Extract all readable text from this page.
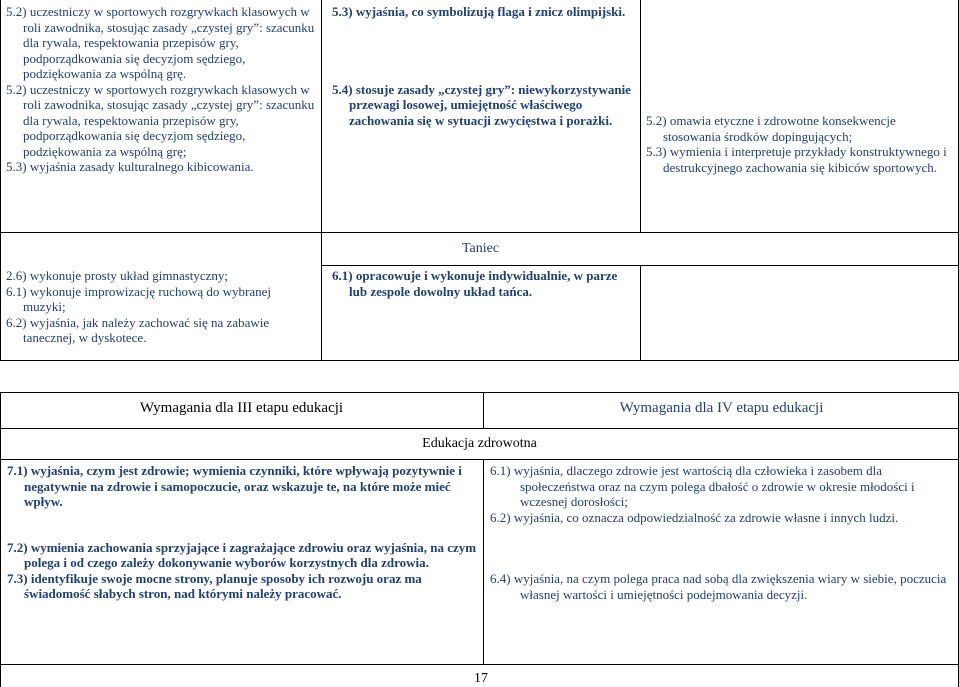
5.2) uczestniczy w sportowych rozgrywkach klasowych w roli zawodnika, stosując zasady „czystej gry”: szacunku dla rywala, respektowania przepisów gry, podporządkowania się decyzjom sędziego, podziękowania za wspólną grę.

5.2) uczestniczy w sportowych rozgrywkach klasowych w roli zawodnika, stosując zasady „czystej gry”: szacunku dla rywala, respektowania przepisów gry, podporządkowania się decyzjom sędziego, podziękowania za wspólną grę;

5.3) wyjaśnia zasady kulturalnego kibicowania.

5.3) wyjaśnia, co symbolizują flaga i znicz olimpijski.

5.4) stosuje zasady „czystej gry”: niewykorzystywanie przewagi losowej, umiejętność właściwego zachowania się w sytuacji zwycięstwa i porażki.	5.2) omawia etyczne i zdrowotne konsekwencje stosowania środków dopingujących;

5.3) wymienia i interpretuje przykłady konstruktywnego i destrukcyjnego zachowania się kibiców sportowych.

Taniec

2.6) wykonuje prosty układ gimnastyczny;

6.1) wykonuje improwizację ruchową do wybranej muzyki;

6.2) wyjaśnia, jak należy zachować się na zabawie tanecznej, w dyskotece.

6.1) opracowuje i wykonuje indywidualnie, w parze lub zespole dowolny układ tańca.

Wymagania dla III etapu edukacji	Wymagania dla IV etapu edukacji
Edukacja zdrowotna

7.1) wyjaśnia, czym jest zdrowie; wymienia czynniki, które wpływają pozytywnie i negatywnie na zdrowie i samopoczucie, oraz wskazuje te, na które może mieć wpływ.

7.2) wymienia zachowania sprzyjające i zagrażające zdrowiu oraz wyjaśnia, na czym polega i od czego zależy dokonywanie wyborów korzystnych dla zdrowia.

7.3) identyfikuje swoje mocne strony, planuje sposoby ich rozwoju oraz ma świadomość słabych stron, nad którymi należy pracować.

6.1) wyjaśnia, dlaczego zdrowie jest wartością dla człowieka i zasobem dla społeczeństwa oraz na czym polega dbałość o zdrowie w okresie młodości i wczesnej dorosłości;

6.2) wyjaśnia, co oznacza odpowiedzialność za zdrowie własne i innych ludzi.

6.4) wyjaśnia, na czym polega praca nad sobą dla zwiększenia wiary w siebie, poczucia własnej wartości i umiejętności podejmowania decyzji.

17
